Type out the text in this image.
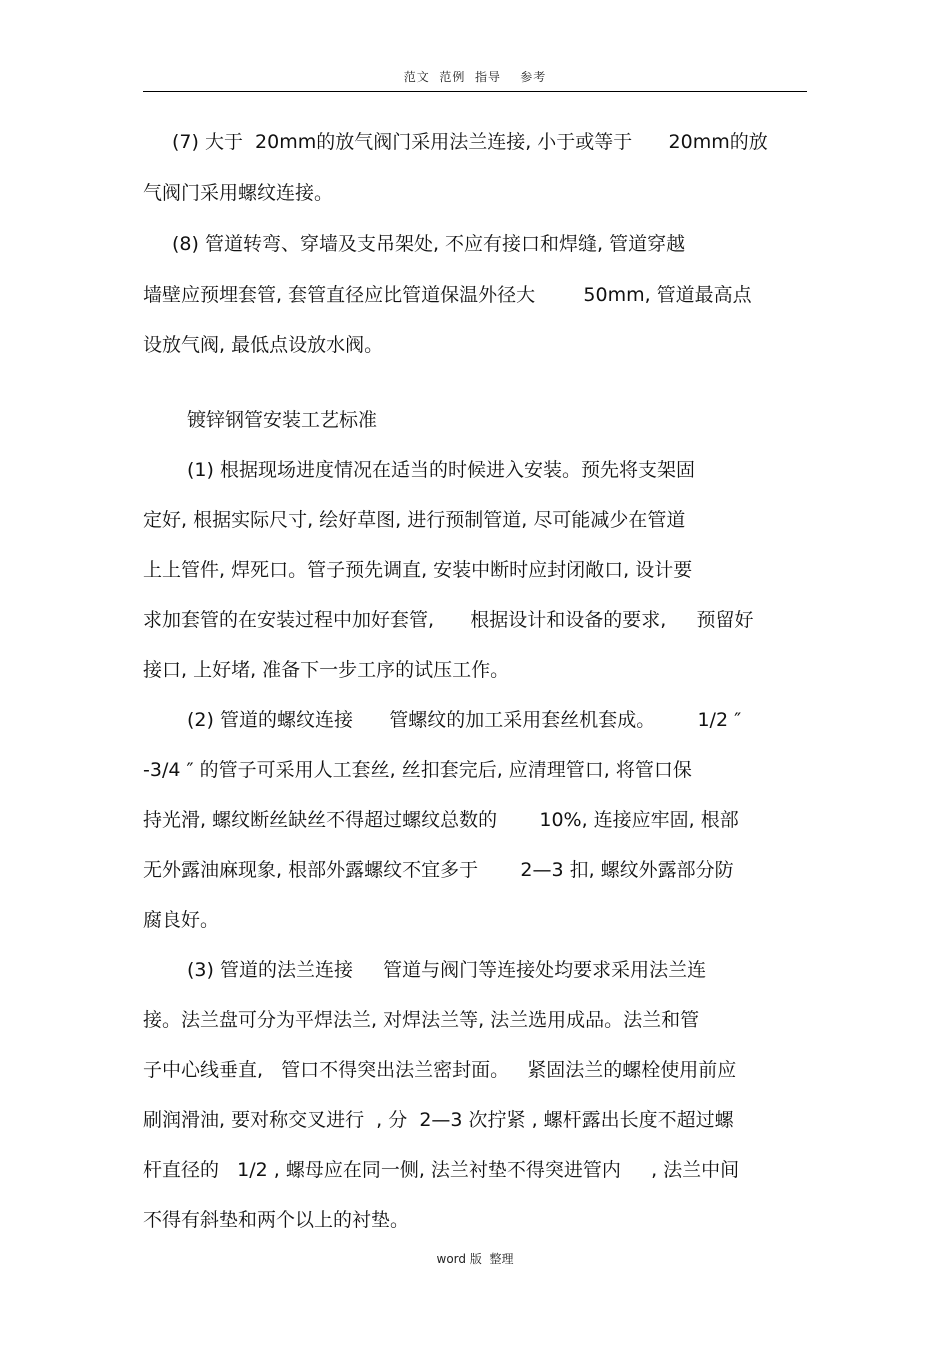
范文  范例  指导    参考
(7) 大于  20mm的放气阀门采用法兰连接, 小于或等于      20mm的放
气阀门采用螺纹连接。
(8) 管道转弯、穿墙及支吊架处, 不应有接口和焊缝, 管道穿越
墙壁应预埋套管, 套管直径应比管道保温外径大        50mm, 管道最高点
设放气阀, 最低点设放水阀。
镀锌钢管安装工艺标准
(1) 根据现场进度情况在适当的时候进入安装。预先将支架固
定好, 根据实际尺寸, 绘好草图, 进行预制管道, 尽可能减少在管道
上上管件, 焊死口。管子预先调直, 安装中断时应封闭敞口, 设计要
求加套管的在安装过程中加好套管,      根据设计和设备的要求,     预留好
接口, 上好堵, 准备下一步工序的试压工作。
(2) 管道的螺纹连接      管螺纹的加工采用套丝机套成。       1/2 ″
-3/4 ″ 的管子可采用人工套丝, 丝扣套完后, 应清理管口, 将管口保
持光滑, 螺纹断丝缺丝不得超过螺纹总数的       10%, 连接应牢固, 根部
无外露油麻现象, 根部外露螺纹不宜多于       2—3 扣, 螺纹外露部分防
腐良好。
(3) 管道的法兰连接     管道与阀门等连接处均要求采用法兰连
接。法兰盘可分为平焊法兰, 对焊法兰等, 法兰选用成品。法兰和管
子中心线垂直,   管口不得突出法兰密封面。   紧固法兰的螺栓使用前应
刷润滑油, 要对称交叉进行  , 分  2—3 次拧紧 , 螺杆露出长度不超过螺
杆直径的   1/2 , 螺母应在同一侧, 法兰衬垫不得突进管内     , 法兰中间
不得有斜垫和两个以上的衬垫。
word 版  整理
